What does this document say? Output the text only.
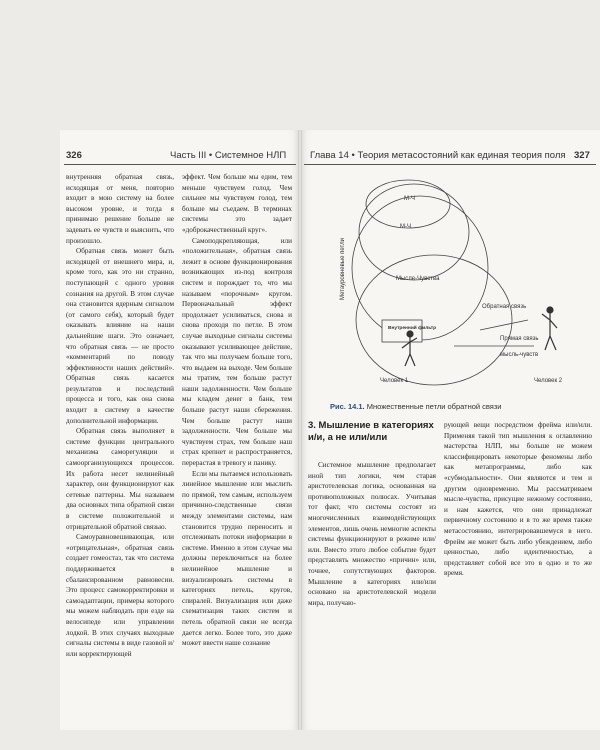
326	Часть III • Системное НЛП	Глава 14 • Теория метасостояний как единая теория поля 327

внутренняя обратная связь, исходящая от меня, повторно входит в мою систему на более высоком уровне, и тогда я принимаю решение больше не задевать ее чувств и выяснить, что произошло.

Обратная связь может быть исходящей от внешнего мира, и, кроме того, как это ни странно, поступающей с одного уровня сознания на другой. В этом случае она становится ядерным сигналом (от самого себя), который будет оказывать влияние на наши дальнейшие шаги. Это означает, что обратная связь — не просто «комментарий по поводу эффективности наших действий». Обратная связь касается результатов и последствий процесса и того, как она снова входит в систему в качестве дополнительной информации.

Обратная связь выполняет в системе функции центрального механизма саморегуляции и самоорганизующихся процессов. Их работа несет нелинейный характер, они функционируют как сетевые паттерны. Мы называем два основных типа обратной связи в системе положительной и отрицательной обратной связью.

Самоуравновешивающая, или «отрицательная», обратная связь создает гомеостаз, так что система поддерживается в сбалансированном равновесии. Это процесс самокорректировки и самоадаптации, примеры которого мы можем наблюдать при езде на велосипеде или управлении лодкой. В этих случаях выходные сигналы системы в виде газовой и/или корректирующей

эффект. Чем больше мы едим, тем меньше чувствуем голод. Чем сильнее мы чувствуем голод, тем больше мы съедаем. В терминах системы это задает «доброкачественный круг».

Самоподкрепляющая, или «положительная», обратная связь лежит в основе функционирования возникающих из-под контроля систем и порождает то, что мы называем «порочным» кругом. Первоначальный эффект продолжает усиливаться, снова и снова проходя по петле. В этом случае выходные сигналы системы оказывают усиливающее действие, так что мы получаем больше того, что выдаем на выходе. Чем больше мы тратим, тем больше растут наши задолженности. Чем больше мы кладем денег в банк, тем больше растут наши сбережения. Чем больше растут наши задолженности. Чем больше мы чувствуем страх, тем больше наш страх крепнет и распространяется, перерастая в тревогу и панику.

Если мы пытаемся использовать линейное мышление или мыслить по прямой, тем самым, используем причинно-следственные связи между элементами системы, нам становится трудно переносить и отслеживать потоки информации в системе. Именно в этом случае мы должны переключиться на более нелинейное мышление и визуализировать системы в категориях петель, кругов, спиралей. Визуализация или даже схематизация таких систем и петель обратной связи не всегда дается легко. Более того, это даже может ввести наше сознание

Метауровневые петли
М-Ч
М-Ч
Мысле-Чувства
Обратная связь
Внутренний фильтр
Прямая связь
мысль-чувств
Человек 1	Человек 2
Рис. 14.1. Множественные петли обратной связи
3. Мышление в категориях и/и, а не или/или

Системное мышление предполагает иной тип логики, чем старая аристотелевская логика, основанная на противоположных полюсах. Учитывая тот факт, что системы состоят из многочисленных взаимодействующих элементов, лишь очень немногие аспекты системы функционируют в режиме или/или. Вместо этого любое событие будет представлять множество «причин» или, точнее, сопутствующих факторов. Мышление в категориях или/или основано на аристотелевской модели мира, получаю-

рующей вещи посредством фрейма или/или. Применяя такой тип мышления к оглавлению мастерства НЛП, мы больше не можем классифицировать некоторые феномены либо как метапрограммы, либо как «субмодальности». Они являются и тем и другим одновременно. Мы рассматриваем мысле-чувства, присущие нежному состоянию, и нам кажется, что они принадлежат первичному состоянию и в то же время также метасостоянию, интегрировавшемуся в него. Фрейм же может быть либо убеждением, либо ценностью, либо идентичностью, а представляет собой все это в одно и то же время.
